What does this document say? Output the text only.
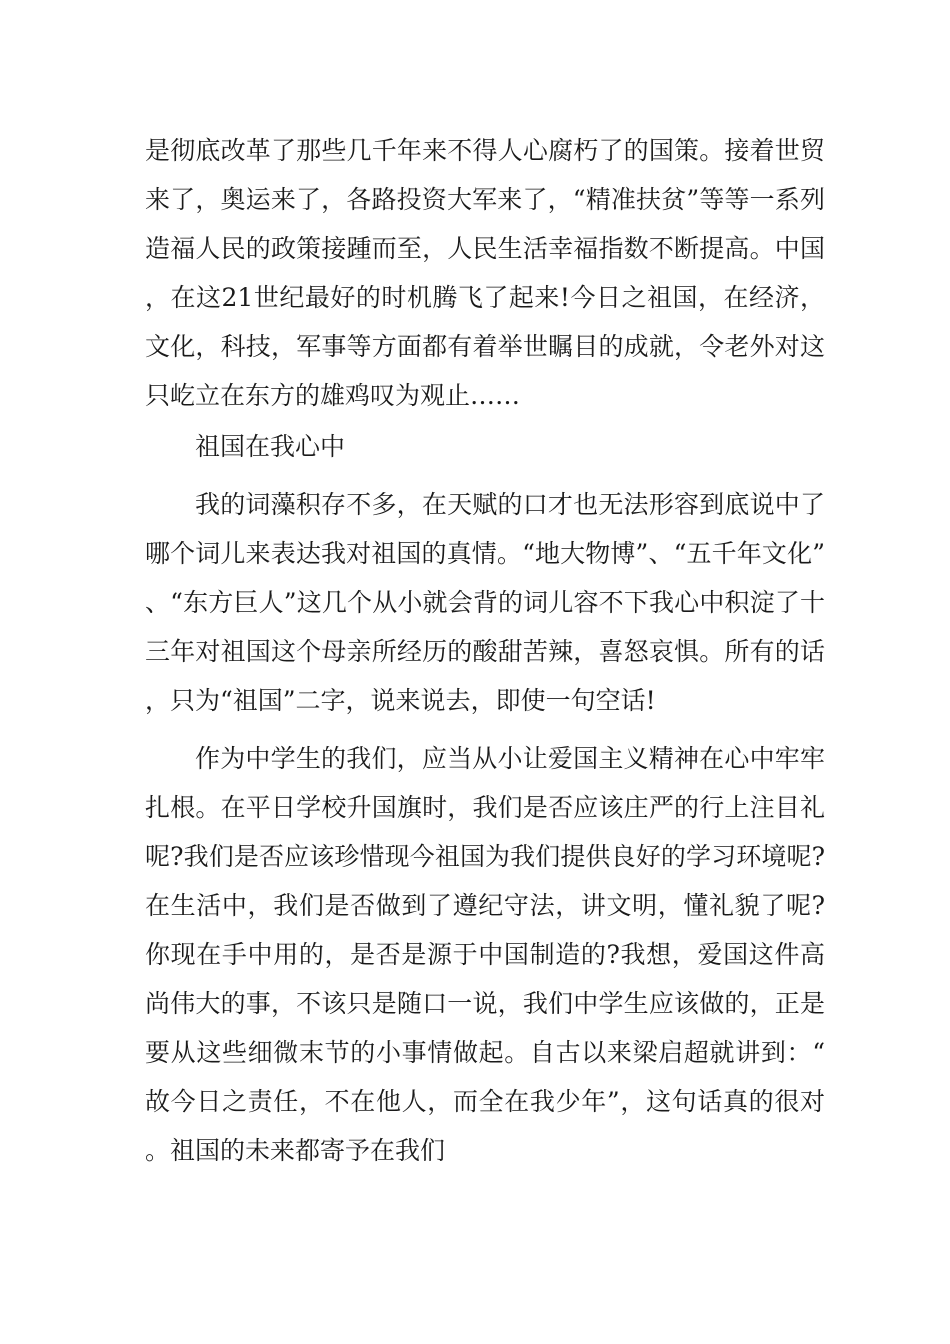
是彻底改革了那些几千年来不得人心腐朽了的国策。接着世贸来了，奥运来了，各路投资大军来了，“精准扶贫”等等一系列造福人民的政策接踵而至，人民生活幸福指数不断提高。中国，在这21世纪最好的时机腾飞了起来!今日之祖国，在经济，文化，科技，军事等方面都有着举世瞩目的成就，令老外对这只屹立在东方的雄鸡叹为观止……

祖国在我心中

我的词藻积存不多，在天赋的口才也无法形容到底说中了哪个词儿来表达我对祖国的真情。“地大物博”、“五千年文化”、“东方巨人”这几个从小就会背的词儿容不下我心中积淀了十三年对祖国这个母亲所经历的酸甜苦辣，喜怒哀惧。所有的话，只为“祖国”二字，说来说去，即使一句空话!

作为中学生的我们，应当从小让爱国主义精神在心中牢牢扎根。在平日学校升国旗时，我们是否应该庄严的行上注目礼呢?我们是否应该珍惜现今祖国为我们提供良好的学习环境呢?在生活中，我们是否做到了遵纪守法，讲文明，懂礼貌了呢?你现在手中用的，是否是源于中国制造的?我想，爱国这件高尚伟大的事，不该只是随口一说，我们中学生应该做的，正是要从这些细微末节的小事情做起。自古以来梁启超就讲到：“故今日之责任，不在他人，而全在我少年”，这句话真的很对。祖国的未来都寄予在我们
